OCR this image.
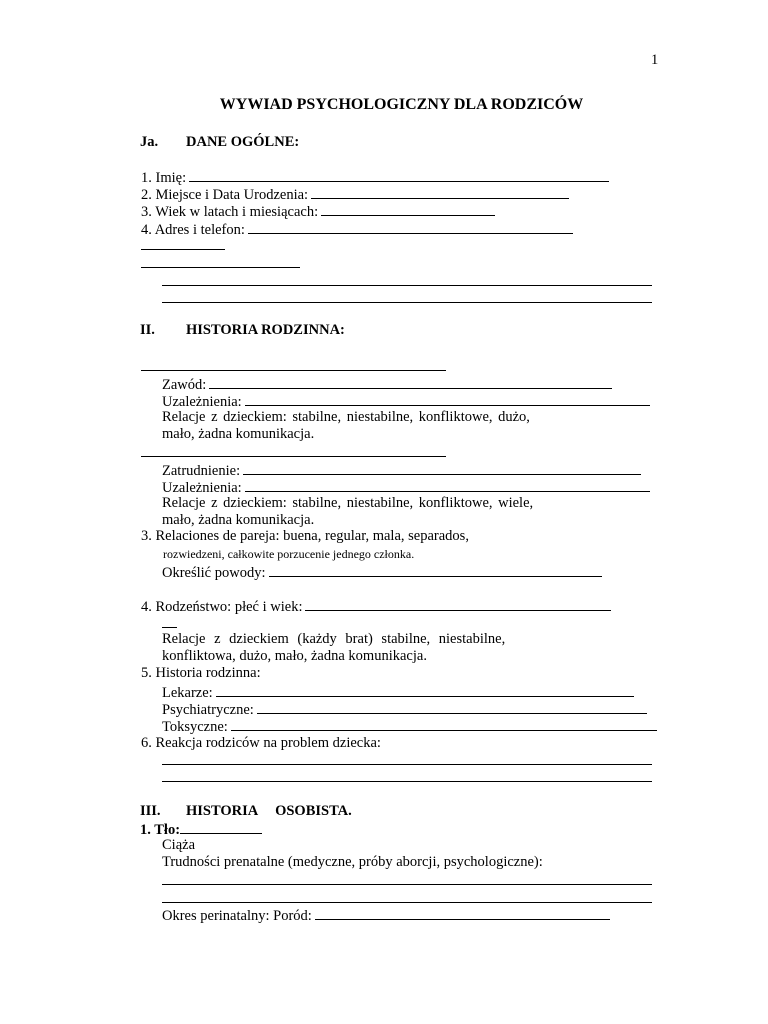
1
WYWIAD PSYCHOLOGICZNY DLA RODZICÓW
Ja. DANE OGÓLNE:
1. Imię:
2. Miejsce i Data Urodzenia:
3. Wiek w latach i miesiącach:
4. Adres i telefon:
II. HISTORIA RODZINNA:
Zawód:
Uzależnienia:
Relacje z dzieckiem: stabilne, niestabilne, konfliktowe, dużo,
mało, żadna komunikacja.
Zatrudnienie:
Uzależnienia:
Relacje z dzieckiem: stabilne, niestabilne, konfliktowe, wiele,
mało, żadna komunikacja.
3. Relaciones de pareja: buena, regular, mala, separados,
rozwiedzeni, całkowite porzucenie jednego członka.
Określić powody:
4. Rodzeństwo: płeć i wiek:
Relacje z dzieckiem (każdy brat) stabilne, niestabilne,
konfliktowa, dużo, mało, żadna komunikacja.
5. Historia rodzinna:
Lekarze:
Psychiatryczne:
Toksyczne:
6. Reakcja rodziców na problem dziecka:
III. HISTORIA OSOBISTA.
1. Tło:
Ciąża
Trudności prenatalne (medyczne, próby aborcji, psychologiczne):
Okres perinatalny: Poród:
